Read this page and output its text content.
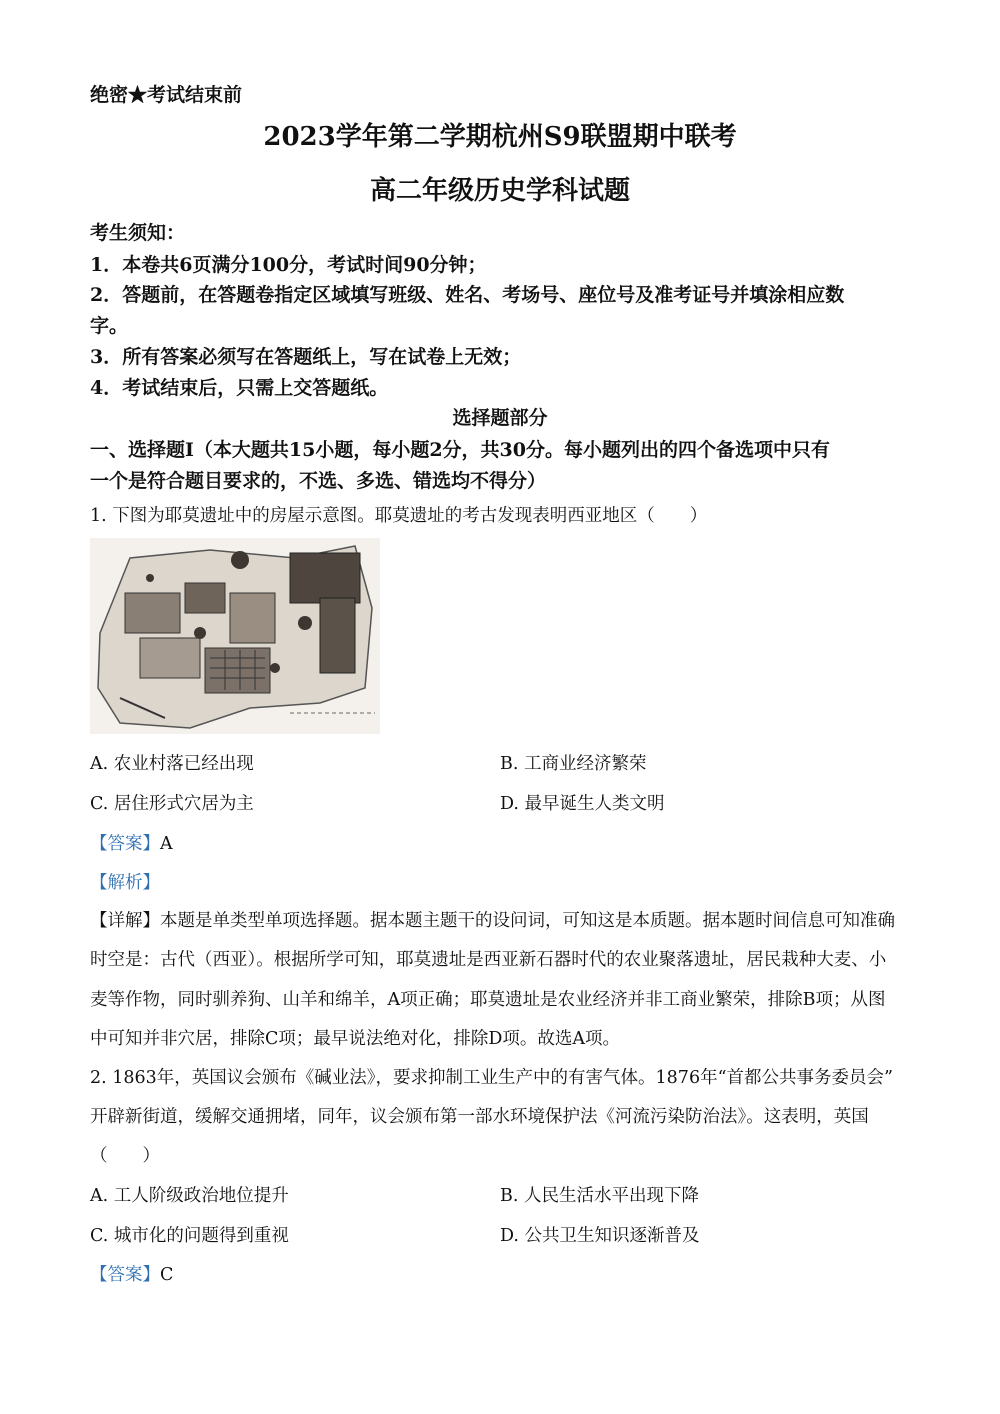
绝密★考试结束前
2023学年第二学期杭州S9联盟期中联考
高二年级历史学科试题
考生须知：
1．本卷共6页满分100分，考试时间90分钟；
2．答题前，在答题卷指定区域填写班级、姓名、考场号、座位号及准考证号并填涂相应数
字。
3．所有答案必须写在答题纸上，写在试卷上无效；
4．考试结束后，只需上交答题纸。
选择题部分
一、选择题Ⅰ（本大题共15小题，每小题2分，共30分。每小题列出的四个备选项中只有
一个是符合题目要求的，不选、多选、错选均不得分）
1. 下图为耶莫遗址中的房屋示意图。耶莫遗址的考古发现表明西亚地区（　　）
A. 农业村落已经出现	B. 工商业经济繁荣
C. 居住形式穴居为主	D. 最早诞生人类文明
【答案】A
【解析】
【详解】本题是单类型单项选择题。据本题主题干的设问词，可知这是本质题。据本题时间信息可知准确
时空是：古代（西亚）。根据所学可知，耶莫遗址是西亚新石器时代的农业聚落遗址，居民栽种大麦、小
麦等作物，同时驯养狗、山羊和绵羊，A项正确；耶莫遗址是农业经济并非工商业繁荣，排除B项；从图
中可知并非穴居，排除C项；最早说法绝对化，排除D项。故选A项。
2. 1863年，英国议会颁布《碱业法》，要求抑制工业生产中的有害气体。1876年“首都公共事务委员会”
开辟新街道，缓解交通拥堵，同年，议会颁布第一部水环境保护法《河流污染防治法》。这表明，英国
（　　）
A. 工人阶级政治地位提升	B. 人民生活水平出现下降
C. 城市化的问题得到重视	D. 公共卫生知识逐渐普及
【答案】C
